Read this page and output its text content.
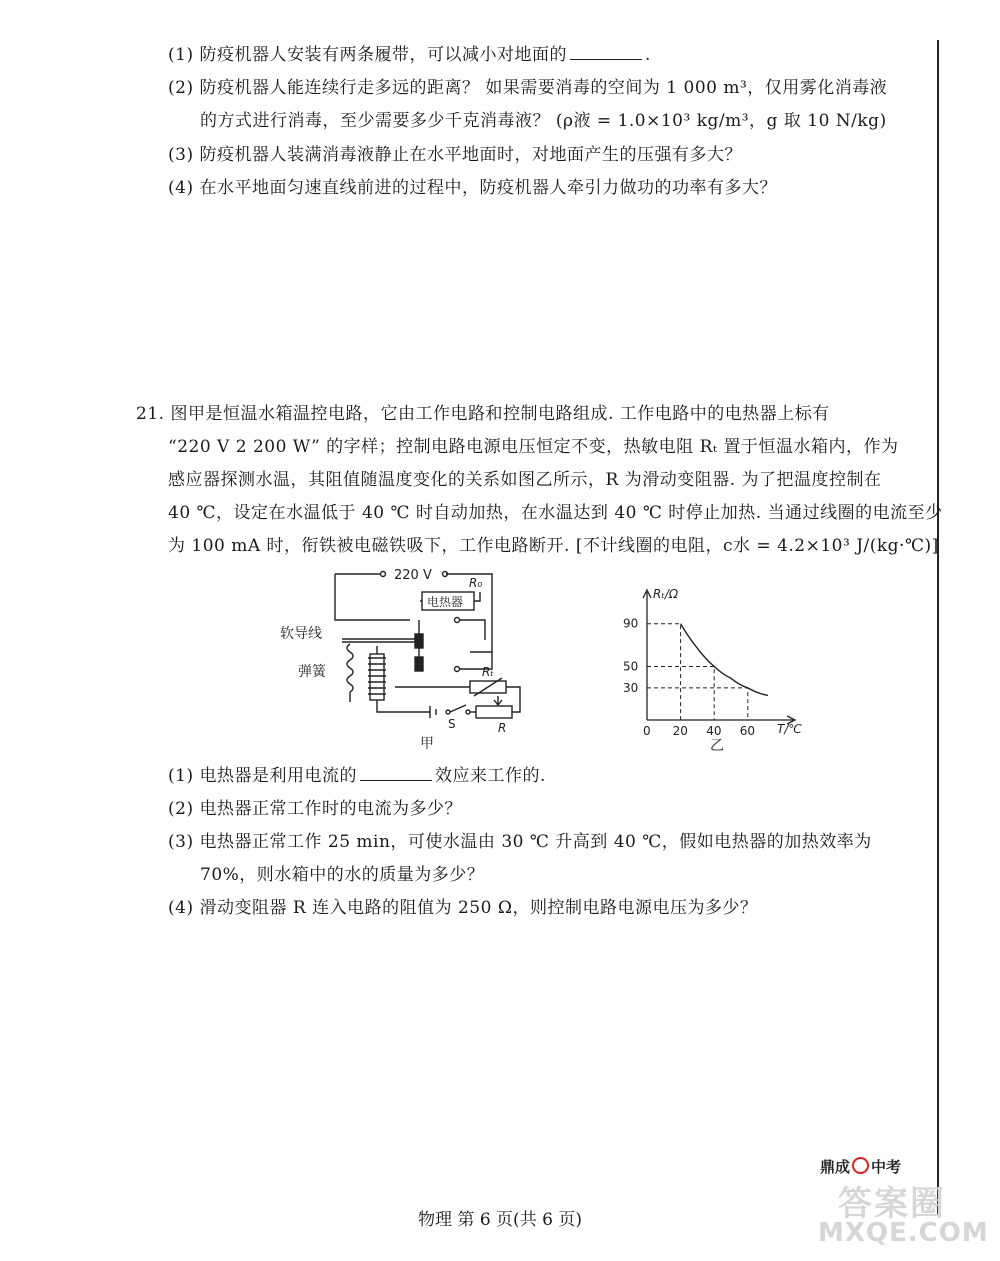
(1) 防疫机器人安装有两条履带，可以减小对地面的	.
(2) 防疫机器人能连续行走多远的距离？ 如果需要消毒的空间为 1 000 m³，仅用雾化消毒液
的方式进行消毒，至少需要多少千克消毒液？ (ρ液 = 1.0×10³ kg/m³，g 取 10 N/kg)
(3) 防疫机器人装满消毒液静止在水平地面时，对地面产生的压强有多大？
(4) 在水平地面匀速直线前进的过程中，防疫机器人牵引力做功的功率有多大？
21. 图甲是恒温水箱温控电路，它由工作电路和控制电路组成. 工作电路中的电热器上标有
“220 V 2 200 W” 的字样；控制电路电源电压恒定不变，热敏电阻 Rₜ 置于恒温水箱内，作为
感应器探测水温，其阻值随温度变化的关系如图乙所示，R 为滑动变阻器. 为了把温度控制在
40 ℃，设定在水温低于 40 ℃ 时自动加热，在水温达到 40 ℃ 时停止加热. 当通过线圈的电流至少
为 100 mA 时，衔铁被电磁铁吸下，工作电路断开. [不计线圈的电阻，c水 = 4.2×10³ J/(kg·℃)]
220 V	R₀
电热器
Rₜ
S	R
软导线
弹簧
甲
0 20 40 60
30
50
90
Rₜ/Ω
T/℃
乙
(1) 电热器是利用电流的	效应来工作的.
(2) 电热器正常工作时的电流为多少？
(3) 电热器正常工作 25 min，可使水温由 30 ℃ 升高到 40 ℃，假如电热器的加热效率为
70%，则水箱中的水的质量为多少？
(4) 滑动变阻器 R 连入电路的阻值为 250 Ω，则控制电路电源电压为多少？
鼎成 中考
答案圈
MXQE.COM
物理 第 6 页(共 6 页)
